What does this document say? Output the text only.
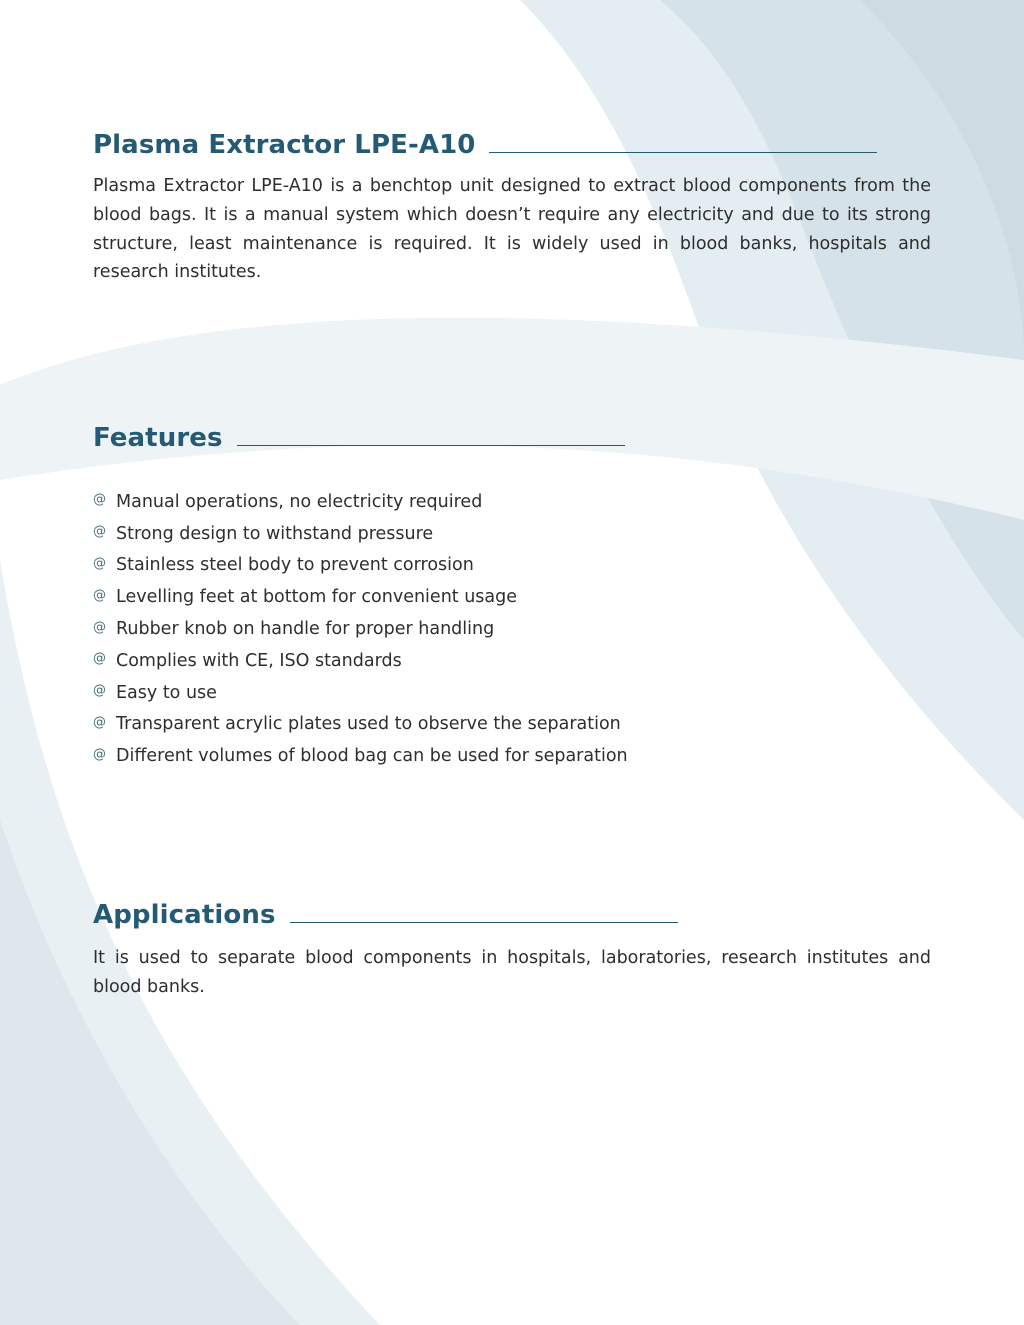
Plasma Extractor LPE-A10

Plasma Extractor LPE-A10 is a benchtop unit designed to extract blood components from the blood bags. It is a manual system which doesn’t require any electricity and due to its strong structure, least maintenance is required. It is widely used in blood banks, hospitals and research institutes.

Features
@ Manual operations, no electricity required
@ Strong design to withstand pressure
@ Stainless steel body to prevent corrosion
@ Levelling feet at bottom for convenient usage
@ Rubber knob on handle for proper handling
@ Complies with CE, ISO standards
@ Easy to use
@ Transparent acrylic plates used to observe the separation
@ Different volumes of blood bag can be used for separation
Applications

It is used to separate blood components in hospitals, laboratories, research institutes and blood banks.
